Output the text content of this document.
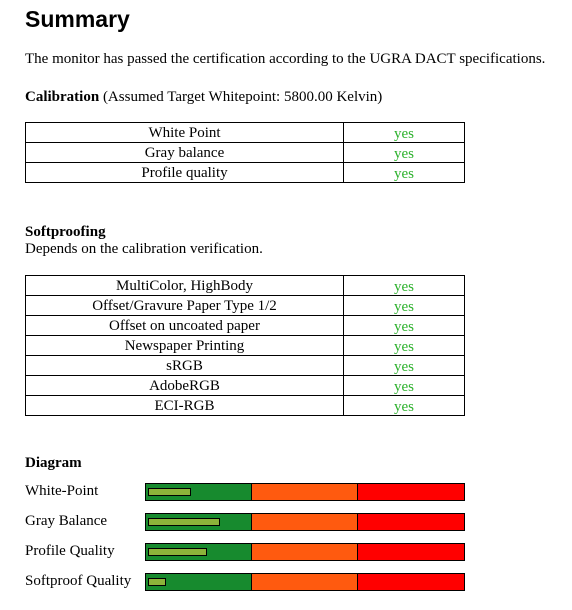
Summary
The monitor has passed the certification according to the UGRA DACT specifications.
Calibration (Assumed Target Whitepoint: 5800.00 Kelvin)
White Point	yes
Gray balance	yes
Profile quality	yes
Softproofing
Depends on the calibration verification.
MultiColor, HighBody	yes
Offset/Gravure Paper Type 1/2	yes
Offset on uncoated paper	yes
Newspaper Printing	yes
sRGB	yes
AdobeRGB	yes
ECI-RGB	yes
Diagram
White-Point
Gray Balance
Profile Quality
Softproof Quality
